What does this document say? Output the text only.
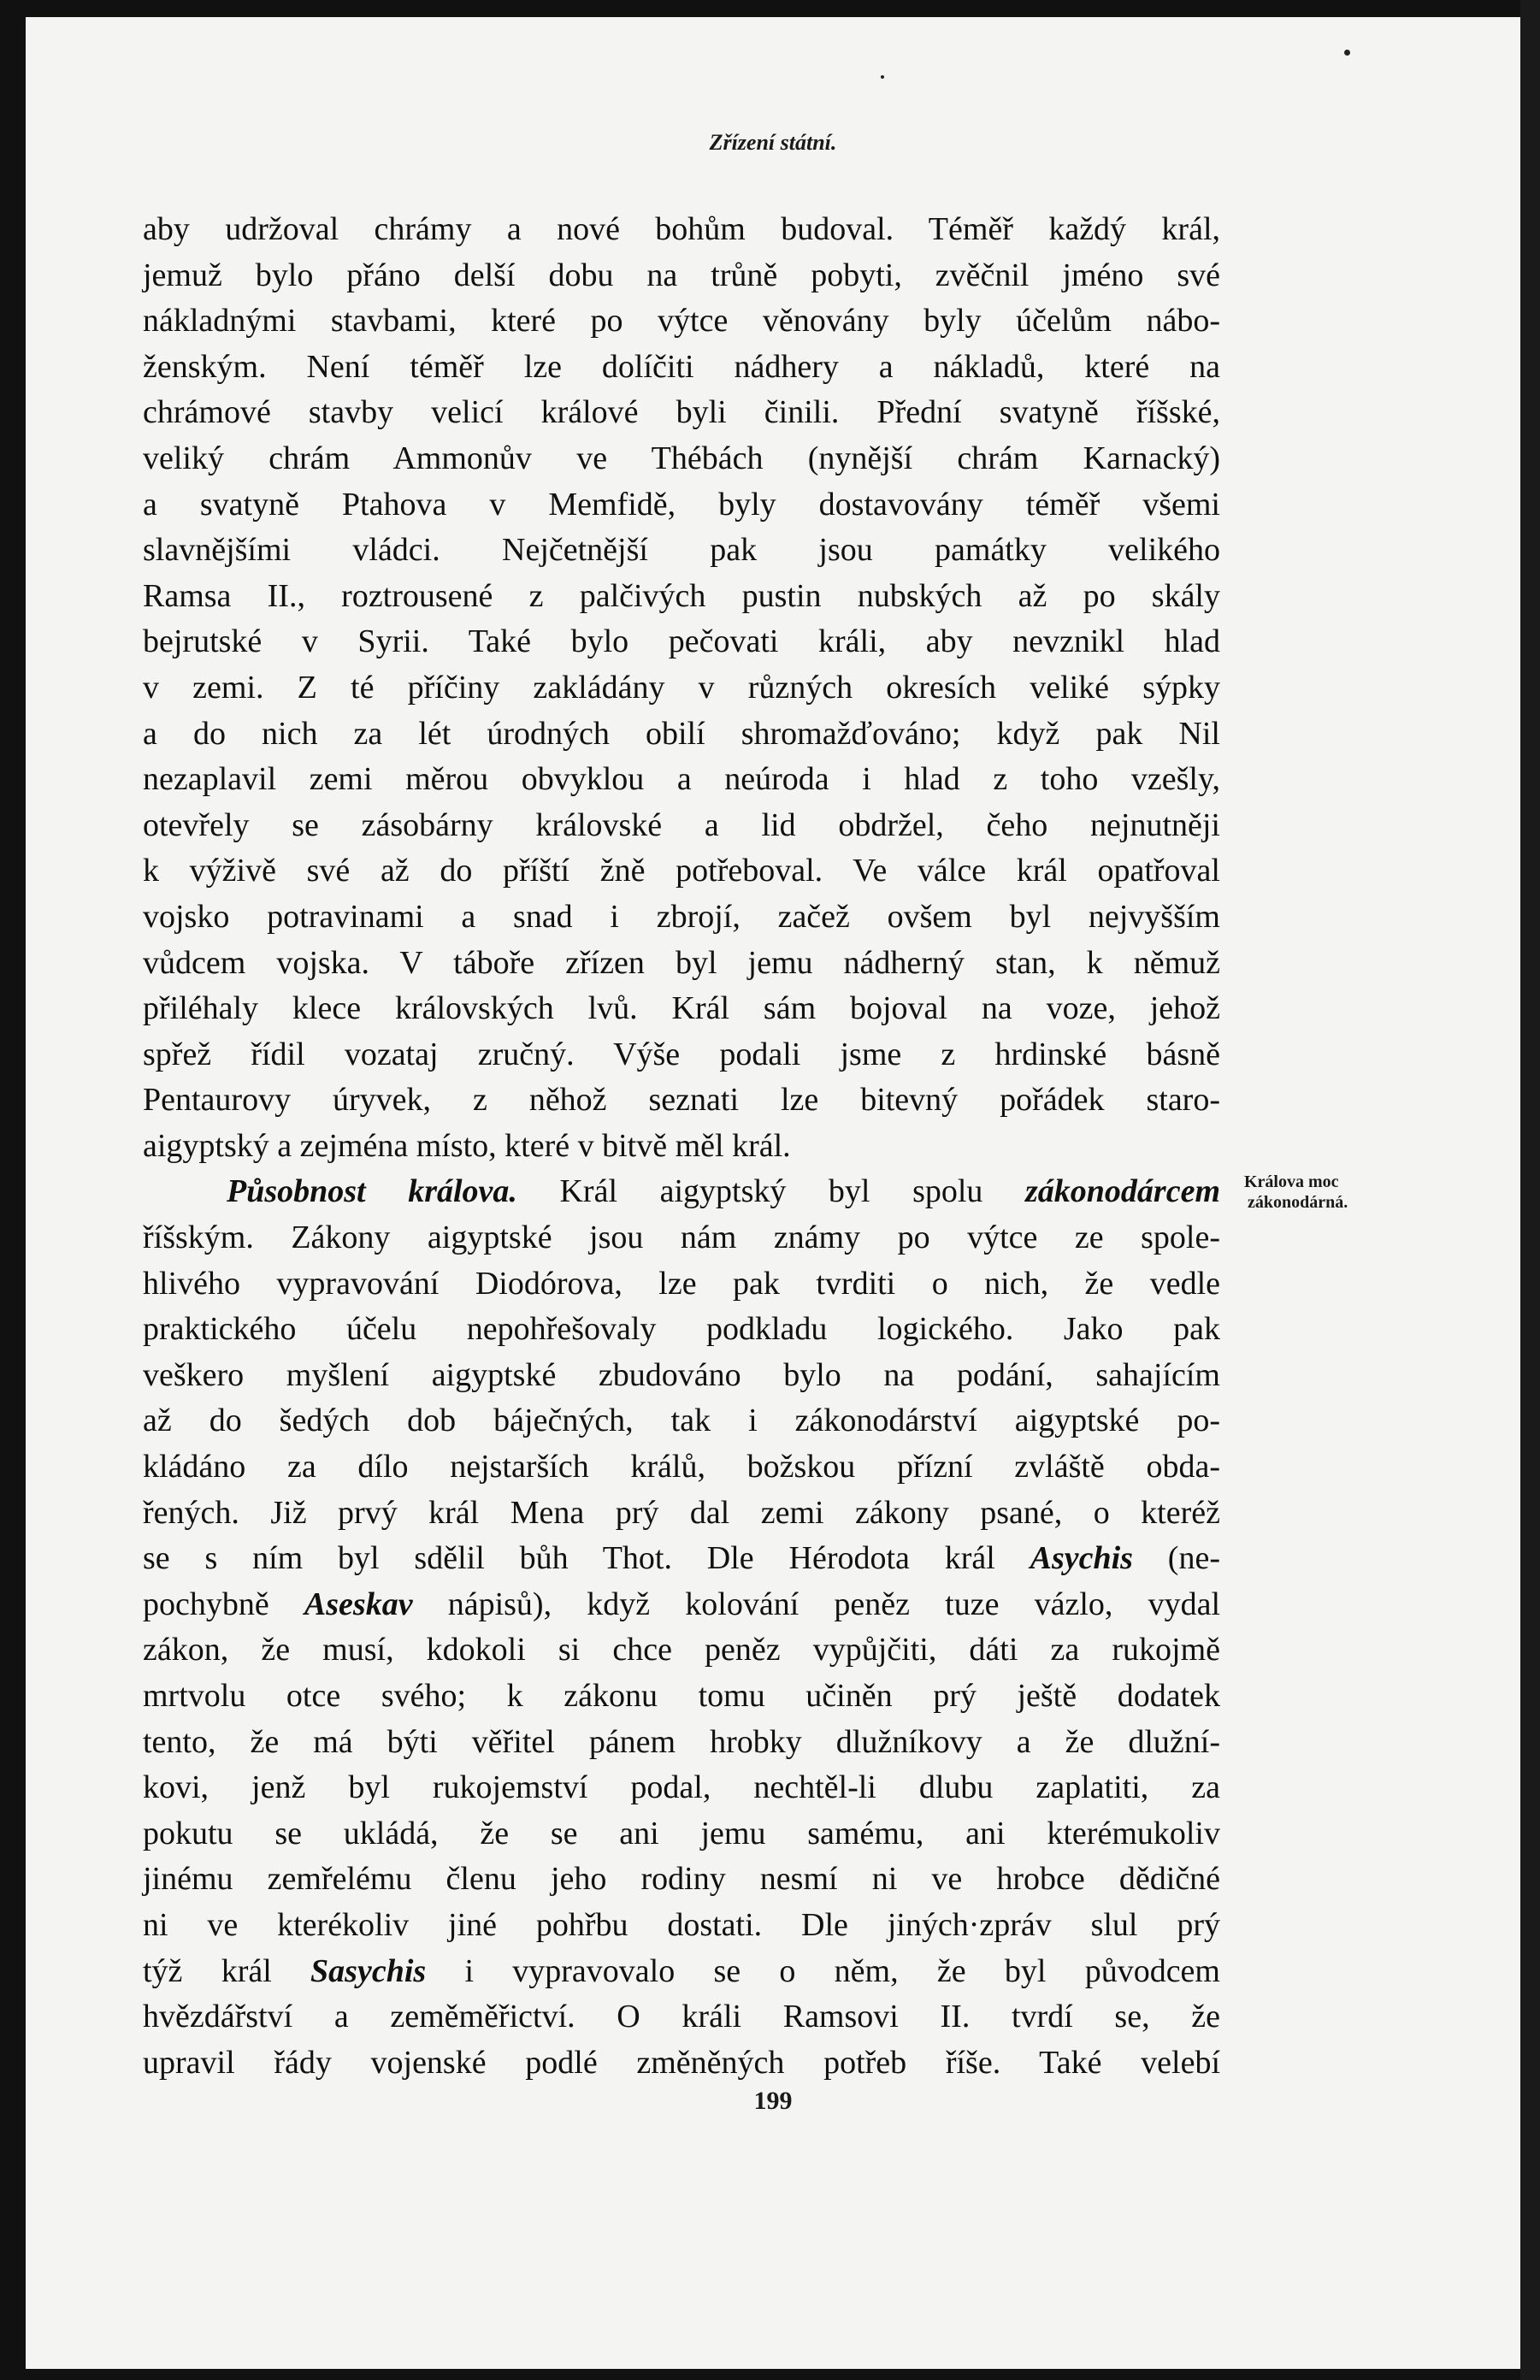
Zřízení státní.
aby udržoval chrámy a nové bohům budoval. Téměř každý král,
jemuž bylo přáno delší dobu na trůně pobyti, zvěčnil jméno své
nákladnými stavbami, které po výtce věnovány byly účelům nábo-
ženským. Není téměř lze dolíčiti nádhery a nákladů, které na
chrámové stavby velicí králové byli činili. Přední svatyně říšské,
veliký chrám Ammonův ve Thébách (nynější chrám Karnacký)
a svatyně Ptahova v Memfidě, byly dostavovány téměř všemi
slavnějšími vládci. Nejčetnější pak jsou památky velikého
Ramsa II., roztrousené z palčivých pustin nubských až po skály
bejrutské v Syrii. Také bylo pečovati králi, aby nevznikl hlad
v zemi. Z té příčiny zakládány v různých okresích veliké sýpky
a do nich za lét úrodných obilí shromažďováno; když pak Nil
nezaplavil zemi měrou obvyklou a neúroda i hlad z toho vzešly,
otevřely se zásobárny královské a lid obdržel, čeho nejnutněji
k výživě své až do příští žně potřeboval. Ve válce král opatřoval
vojsko potravinami a snad i zbrojí, začež ovšem byl nejvyšším
vůdcem vojska. V táboře zřízen byl jemu nádherný stan, k němuž
přiléhaly klece královských lvů. Král sám bojoval na voze, jehož
spřež řídil vozataj zručný. Výše podali jsme z hrdinské básně
Pentaurovy úryvek, z něhož seznati lze bitevný pořádek staro-
aigyptský a zejména místo, které v bitvě měl král.
Působnost králova. Král aigyptský byl spolu zákonodárcem
říšským. Zákony aigyptské jsou nám známy po výtce ze spole-
hlivého vypravování Diodórova, lze pak tvrditi o nich, že vedle
praktického účelu nepohřešovaly podkladu logického. Jako pak
veškero myšlení aigyptské zbudováno bylo na podání, sahajícím
až do šedých dob báječných, tak i zákonodárství aigyptské po-
kládáno za dílo nejstarších králů, božskou přízní zvláště obda-
řených. Již prvý král Mena prý dal zemi zákony psané, o kteréž
se s ním byl sdělil bůh Thot. Dle Hérodota král Asychis (ne-
pochybně Aseskav nápisů), když kolování peněz tuze vázlo, vydal
zákon, že musí, kdokoli si chce peněz vypůjčiti, dáti za rukojmě
mrtvolu otce svého; k zákonu tomu učiněn prý ještě dodatek
tento, že má býti věřitel pánem hrobky dlužníkovy a že dlužní-
kovi, jenž byl rukojemství podal, nechtěl-li dlubu zaplatiti, za
pokutu se ukládá, že se ani jemu samému, ani kterémukoliv
jinému zemřelému členu jeho rodiny nesmí ni ve hrobce dědičné
ni ve kterékoliv jiné pohřbu dostati. Dle jiných·zpráv slul prý
týž král Sasychis i vypravovalo se o něm, že byl původcem
hvězdářství a zeměměřictví. O králi Ramsovi II. tvrdí se, že
upravil řády vojenské podlé změněných potřeb říše. Také velebí
Králova moc
zákonodárná.
199
